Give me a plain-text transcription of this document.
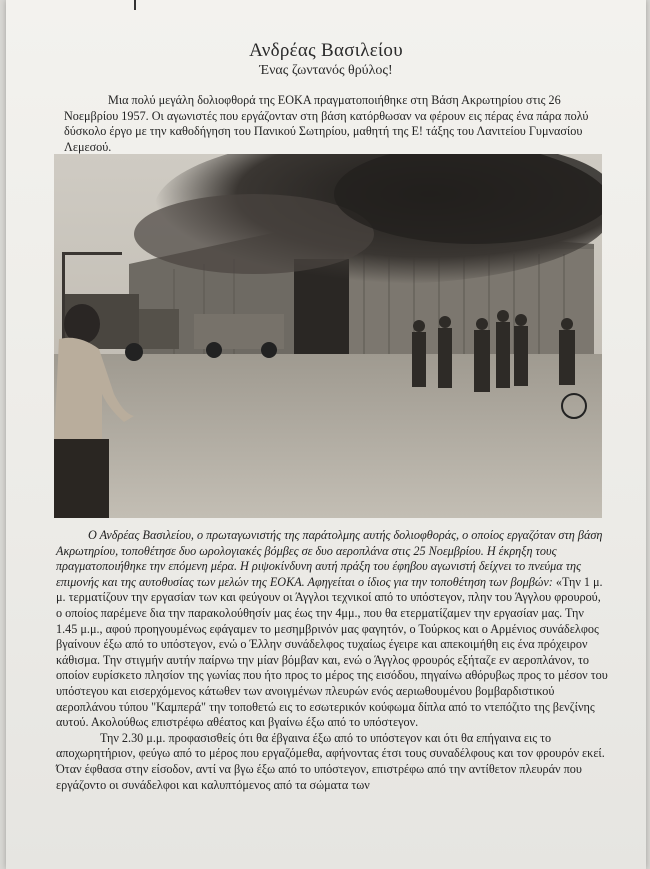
Ανδρέας Βασιλείου
Ένας ζωντανός θρύλος!
Μια πολύ μεγάλη δολιοφθορά της ΕΟΚΑ πραγματοποιήθηκε στη Βάση Ακρωτηρίου στις 26 Νοεμβρίου 1957. Οι αγωνιστές που εργάζονταν στη βάση κατόρθωσαν να φέρουν εις πέρας ένα πάρα πολύ δύσκολο έργο με την καθοδήγηση του Πανικού Σωτηρίου, μαθητή της Ε! τάξης του Λανιτείου Γυμνασίου Λεμεσού.
Ο Ανδρέας Βασιλείου, ο πρωταγωνιστής της παράτολμης αυτής δολιοφθοράς, ο οποίος εργαζόταν στη βάση Ακρωτηρίου, τοποθέτησε δυο ωρολογιακές βόμβες σε δυο αεροπλάνα στις 25 Νοεμβρίου. Η έκρηξη τους πραγματοποιήθηκε την επόμενη μέρα. Η ριψοκίνδυνη αυτή πράξη του έφηβου αγωνιστή δείχνει το πνεύμα της επιμονής και της αυτοθυσίας των μελών της ΕΟΚΑ. Αφηγείται ο ίδιος για την τοποθέτηση των βομβών: «Την 1 μ. μ. τερματίζουν την εργασίαν των και φεύγουν οι Άγγλοι τεχνικοί από το υπόστεγον, πλην του Άγγλου φρουρού, ο οποίος παρέμενε δια την παρακολούθησίν μας έως την 4μμ., που θα ετερματίζαμεν την εργασίαν μας. Την 1.45 μ.μ., αφού προηγουμένως εφάγαμεν το μεσημβρινόν μας φαγητόν, ο Τούρκος και ο Αρμένιος συνάδελφος βγαίνουν έξω από το υπόστεγον, ενώ ο Έλλην συνάδελφος τυχαίως έγειρε και απεκοιμήθη εις ένα πρόχειρον κάθισμα. Την στιγμήν αυτήν παίρνω την μίαν βόμβαν και, ενώ ο Άγγλος φρουρός εξήταζε εν αεροπλάνον, το οποίον ευρίσκετο πλησίον της γωνίας που ήτο προς το μέρος της εισόδου, πηγαίνω αθόρυβως προς το μέσον του υπόστεγου και εισερχόμενος κάτωθεν των ανοιγμένων πλευρών ενός αεριωθουμένου βομβαρδιστικού αεροπλάνου τύπου "Καμπερά" την τοποθετώ εις το εσωτερικόν κούφωμα δίπλα από το ντεπόζιτο της βενζίνης αυτού. Ακολούθως επιστρέφω αθέατος και βγαίνω έξω από το υπόστεγον.
Την 2.30 μ.μ. προφασισθείς ότι θα έβγαινα έξω από το υπόστεγον και ότι θα επήγαινα εις το αποχωρητήριον, φεύγω από το μέρος που εργαζόμεθα, αφήνοντας έτσι τους συναδέλφους και τον φρουρόν εκεί. Όταν έφθασα στην είσοδον, αντί να βγω έξω από το υπόστεγον, επιστρέφω από την αντίθετον πλευράν που εργάζοντο οι συνάδελφοι και καλυπτόμενος από τα σώματα των
